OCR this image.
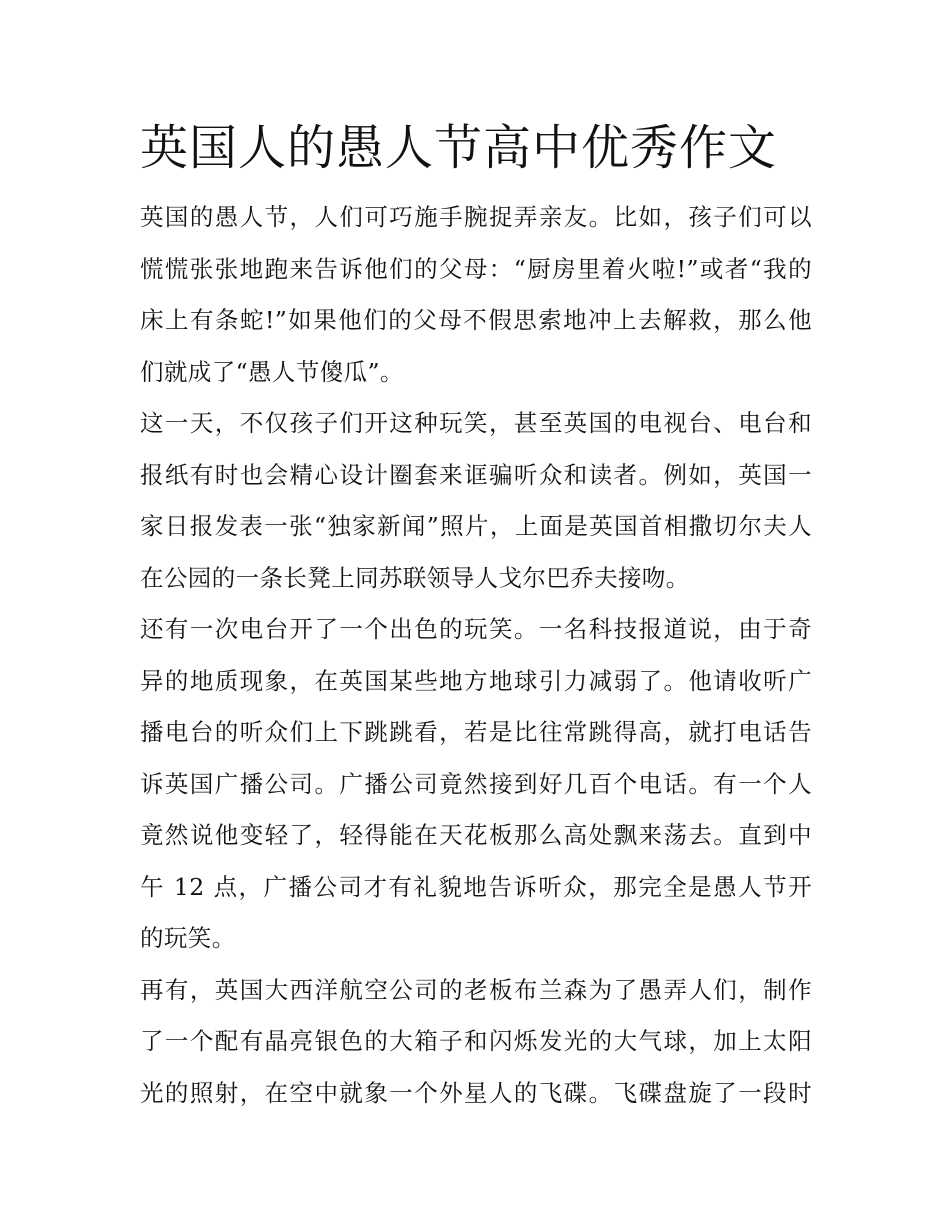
英国人的愚人节高中优秀作文
英国的愚人节，人们可巧施手腕捉弄亲友。比如，孩子们可以
慌慌张张地跑来告诉他们的父母：“厨房里着火啦!”或者“我的
床上有条蛇!”如果他们的父母不假思索地冲上去解救，那么他
们就成了“愚人节傻瓜”。
这一天，不仅孩子们开这种玩笑，甚至英国的电视台、电台和
报纸有时也会精心设计圈套来诓骗听众和读者。例如，英国一
家日报发表一张“独家新闻”照片，上面是英国首相撒切尔夫人
在公园的一条长凳上同苏联领导人戈尔巴乔夫接吻。
还有一次电台开了一个出色的玩笑。一名科技报道说，由于奇
异的地质现象，在英国某些地方地球引力减弱了。他请收听广
播电台的听众们上下跳跳看，若是比往常跳得高，就打电话告
诉英国广播公司。广播公司竟然接到好几百个电话。有一个人
竟然说他变轻了，轻得能在天花板那么高处飘来荡去。直到中
午 12 点，广播公司才有礼貌地告诉听众，那完全是愚人节开
的玩笑。
再有，英国大西洋航空公司的老板布兰森为了愚弄人们，制作
了一个配有晶亮银色的大箱子和闪烁发光的大气球，加上太阳
光的照射，在空中就象一个外星人的飞碟。飞碟盘旋了一段时
